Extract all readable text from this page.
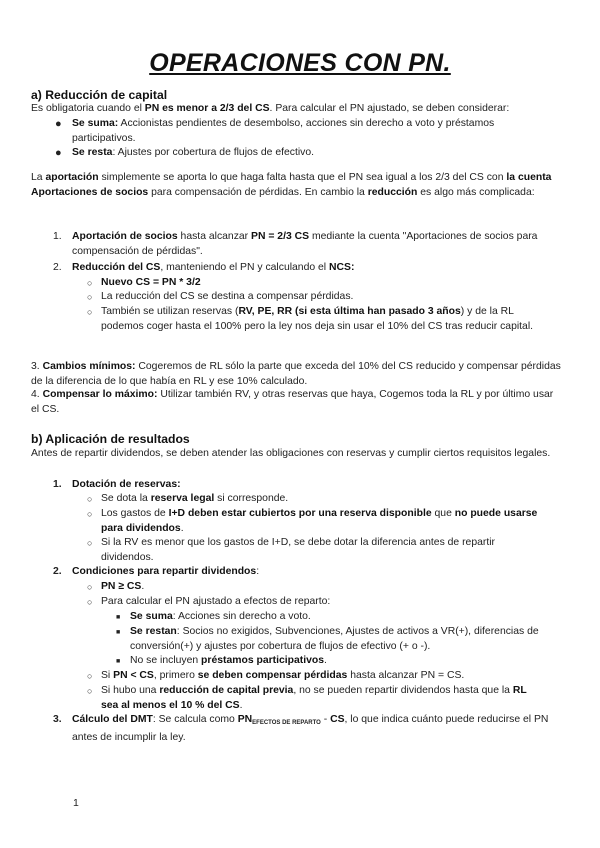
OPERACIONES CON PN.
a) Reducción de capital
Es obligatoria cuando el PN es menor a 2/3 del CS. Para calcular el PN ajustado, se deben considerar:
● Se suma: Accionistas pendientes de desembolso, acciones sin derecho a voto y préstamos participativos.
● Se resta: Ajustes por cobertura de flujos de efectivo.
La aportación simplemente se aporta lo que haga falta hasta que el PN sea igual a los 2/3 del CS con la cuenta Aportaciones de socios para compensación de pérdidas. En cambio la reducción es algo más complicada:
1. Aportación de socios hasta alcanzar PN = 2/3 CS mediante la cuenta "Aportaciones de socios para compensación de pérdidas".
2. Reducción del CS, manteniendo el PN y calculando el NCS:
○ Nuevo CS = PN * 3/2
○ La reducción del CS se destina a compensar pérdidas.
○ También se utilizan reservas (RV, PE, RR (si esta última han pasado 3 años) y de la RL podemos coger hasta el 100% pero la ley nos deja sin usar el 10% del CS tras reducir capital.
3. Cambios mínimos: Cogeremos de RL sólo la parte que exceda del 10% del CS reducido y compensar pérdidas de la diferencia de lo que había en RL y ese 10% calculado.
4. Compensar lo máximo: Utilizar también RV, y otras reservas que haya, Cogemos toda la RL y por último usar el CS.
b) Aplicación de resultados
Antes de repartir dividendos, se deben atender las obligaciones con reservas y cumplir ciertos requisitos legales.
1. Dotación de reservas:
○ Se dota la reserva legal si corresponde.
○ Los gastos de I+D deben estar cubiertos por una reserva disponible que no puede usarse para dividendos.
○ Si la RV es menor que los gastos de I+D, se debe dotar la diferencia antes de repartir dividendos.
2. Condiciones para repartir dividendos:
○ PN ≥ CS.
○ Para calcular el PN ajustado a efectos de reparto:
■ Se suma: Acciones sin derecho a voto.
■ Se restan: Socios no exigidos, Subvenciones, Ajustes de activos a VR(+), diferencias de conversión(+) y ajustes por cobertura de flujos de efectivo (+ o -).
■ No se incluyen préstamos participativos.
○ Si PN < CS, primero se deben compensar pérdidas hasta alcanzar PN = CS.
○ Si hubo una reducción de capital previa, no se pueden repartir dividendos hasta que la RL sea al menos el 10 % del CS.
3. Cálculo del DMT: Se calcula como $PN_{EFECTOS DE REPARTO}$ - CS, lo que indica cuánto puede reducirse el PN antes de incumplir la ley.
1
